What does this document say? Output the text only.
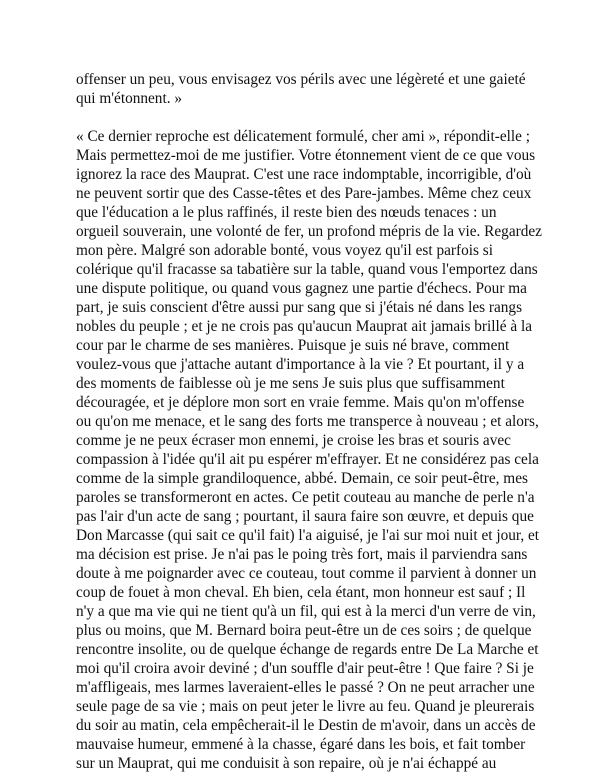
offenser un peu, vous envisagez vos périls avec une légèreté et une gaieté
qui m'étonnent. »

« Ce dernier reproche est délicatement formulé, cher ami », répondit-elle ;
Mais permettez-moi de me justifier. Votre étonnement vient de ce que vous
ignorez la race des Mauprat. C'est une race indomptable, incorrigible, d'où
ne peuvent sortir que des Casse-têtes et des Pare-jambes. Même chez ceux
que l'éducation a le plus raffinés, il reste bien des nœuds tenaces : un
orgueil souverain, une volonté de fer, un profond mépris de la vie. Regardez
mon père. Malgré son adorable bonté, vous voyez qu'il est parfois si
colérique qu'il fracasse sa tabatière sur la table, quand vous l'emportez dans
une dispute politique, ou quand vous gagnez une partie d'échecs. Pour ma
part, je suis conscient d'être aussi pur sang que si j'étais né dans les rangs
nobles du peuple ; et je ne crois pas qu'aucun Mauprat ait jamais brillé à la
cour par le charme de ses manières. Puisque je suis né brave, comment
voulez-vous que j'attache autant d'importance à la vie ? Et pourtant, il y a
des moments de faiblesse où je me sens Je suis plus que suffisamment
découragée, et je déplore mon sort en vraie femme. Mais qu'on m'offense
ou qu'on me menace, et le sang des forts me transperce à nouveau ; et alors,
comme je ne peux écraser mon ennemi, je croise les bras et souris avec
compassion à l'idée qu'il ait pu espérer m'effrayer. Et ne considérez pas cela
comme de la simple grandiloquence, abbé. Demain, ce soir peut-être, mes
paroles se transformeront en actes. Ce petit couteau au manche de perle n'a
pas l'air d'un acte de sang ; pourtant, il saura faire son œuvre, et depuis que
Don Marcasse (qui sait ce qu'il fait) l'a aiguisé, je l'ai sur moi nuit et jour, et
ma décision est prise. Je n'ai pas le poing très fort, mais il parviendra sans
doute à me poignarder avec ce couteau, tout comme il parvient à donner un
coup de fouet à mon cheval. Eh bien, cela étant, mon honneur est sauf ; Il
n'y a que ma vie qui ne tient qu'à un fil, qui est à la merci d'un verre de vin,
plus ou moins, que M. Bernard boira peut-être un de ces soirs ; de quelque
rencontre insolite, ou de quelque échange de regards entre De La Marche et
moi qu'il croira avoir deviné ; d'un souffle d'air peut-être ! Que faire ? Si je
m'affligeais, mes larmes laveraient-elles le passé ? On ne peut arracher une
seule page de sa vie ; mais on peut jeter le livre au feu. Quand je pleurerais
du soir au matin, cela empêcherait-il le Destin de m'avoir, dans un accès de
mauvaise humeur, emmené à la chasse, égaré dans les bois, et fait tomber
sur un Mauprat, qui me conduisit à son repaire, où je n'ai échappé au
